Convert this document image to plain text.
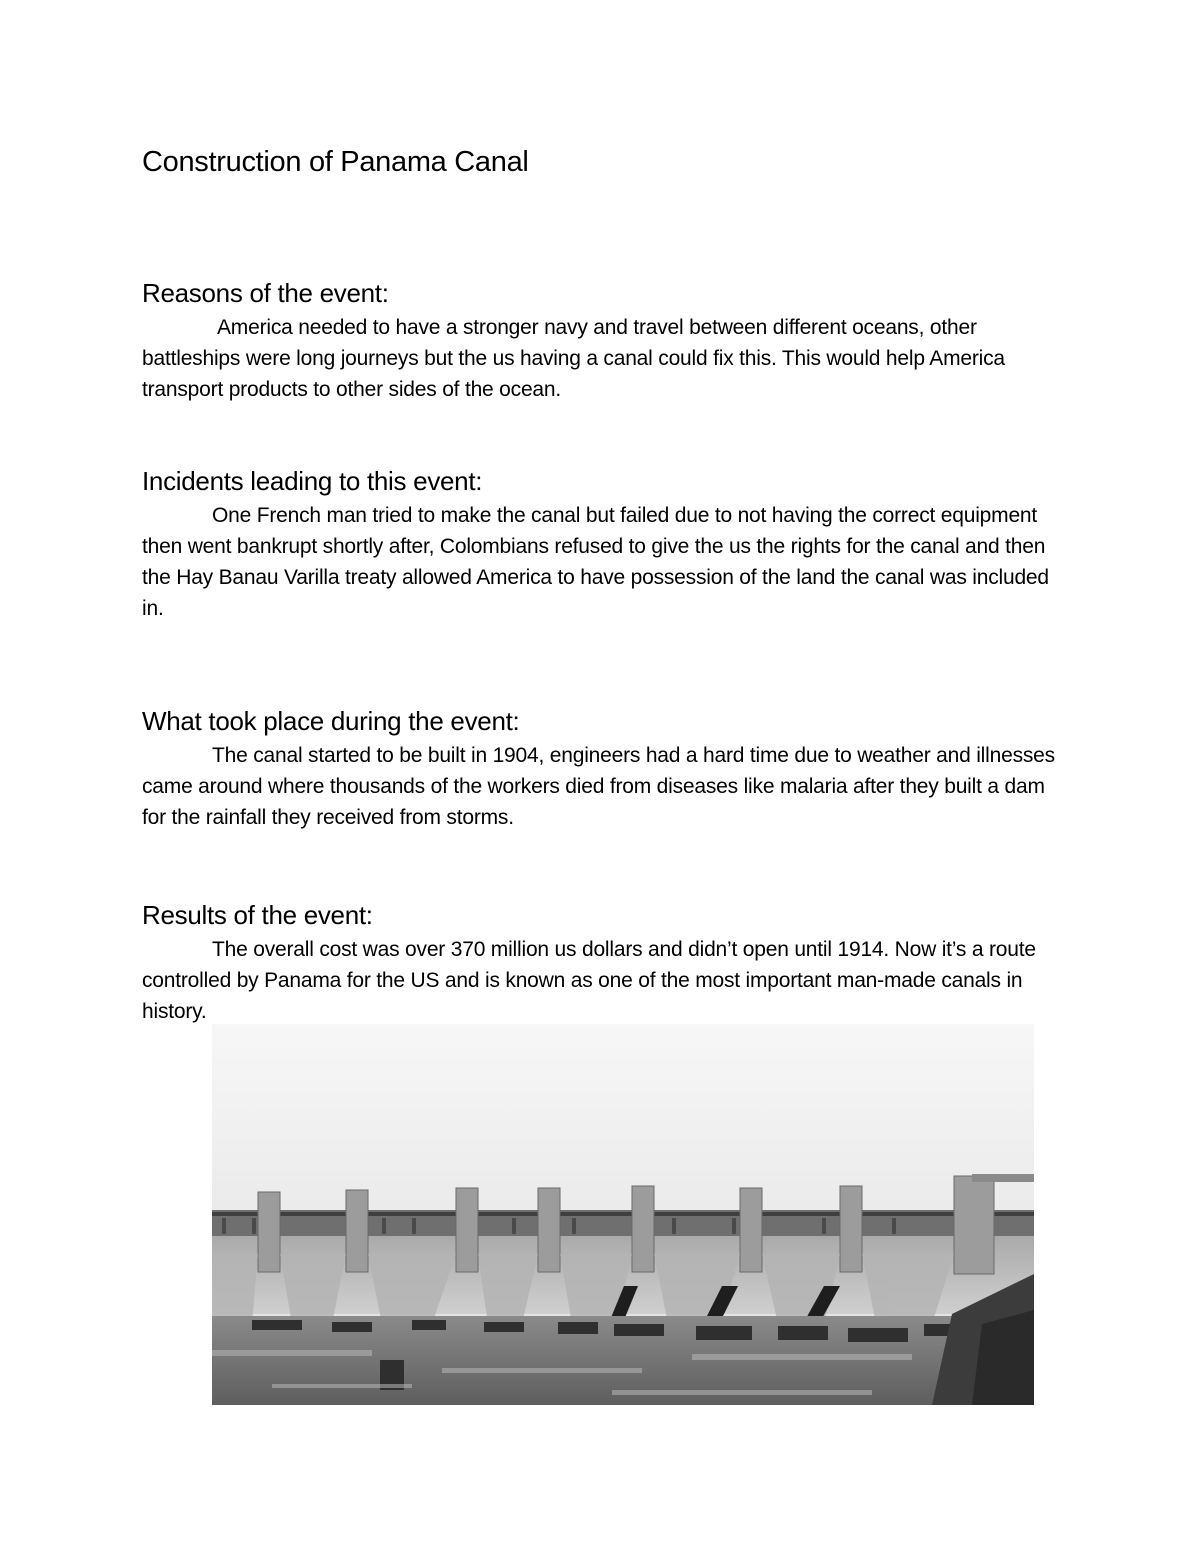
Construction of Panama Canal
Reasons of the event:

America needed to have a stronger navy and travel between different oceans, other battleships were long journeys but the us having a canal could fix this. This would help America transport products to other sides of the ocean.

Incidents leading to this event:

One French man tried to make the canal but failed due to not having the correct equipment then went bankrupt shortly after, Colombians refused to give the us the rights for the canal and then the Hay Banau Varilla treaty allowed America to have possession of the land the canal was included in.

What took place during the event:

The canal started to be built in 1904, engineers had a hard time due to weather and illnesses came around where thousands of the workers died from diseases like malaria after they built a dam for the rainfall they received from storms.

Results of the event:

The overall cost was over 370 million us dollars and didn’t open until 1914. Now it’s a route controlled by Panama for the US and is known as one of the most important man-made canals in history.
